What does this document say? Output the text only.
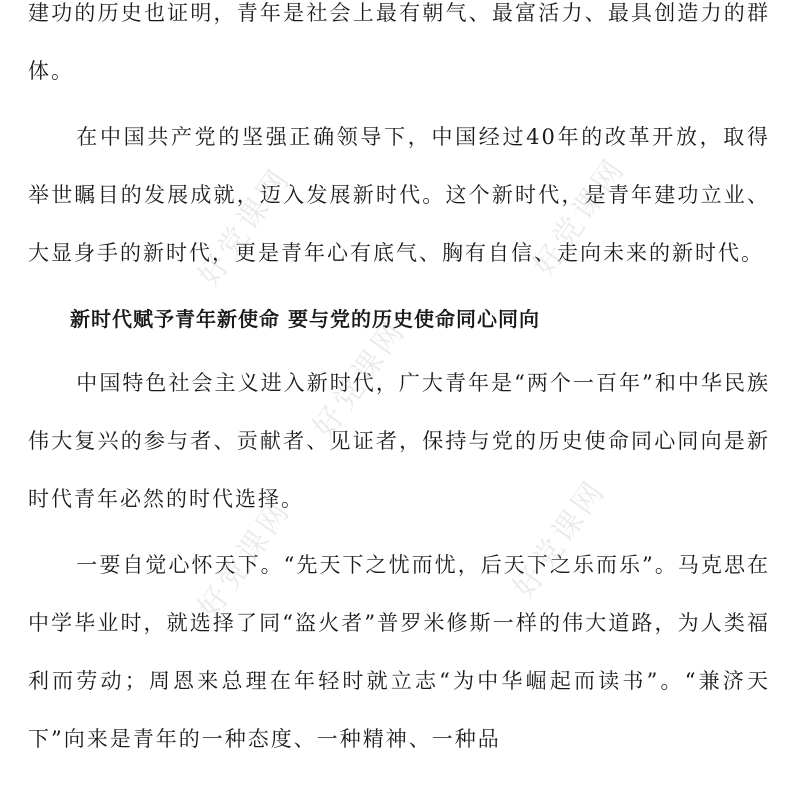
建功的历史也证明，青年是社会上最有朝气、最富活力、最具创造力的群体。

在中国共产党的坚强正确领导下，中国经过40年的改革开放，取得举世瞩目的发展成就，迈入发展新时代。这个新时代，是青年建功立业、大显身手的新时代，更是青年心有底气、胸有自信、走向未来的新时代。

新时代赋予青年新使命 要与党的历史使命同心同向

中国特色社会主义进入新时代，广大青年是“两个一百年”和中华民族伟大复兴的参与者、贡献者、见证者，保持与党的历史使命同心同向是新时代青年必然的时代选择。

一要自觉心怀天下。“先天下之忧而忧，后天下之乐而乐”。马克思在中学毕业时，就选择了同“盗火者”普罗米修斯一样的伟大道路，为人类福利而劳动；周恩来总理在年轻时就立志“为中华崛起而读书”。“兼济天下”向来是青年的一种态度、一种精神、一种品

好党课网	好党课网
好党课网
好党课网	好党课网
